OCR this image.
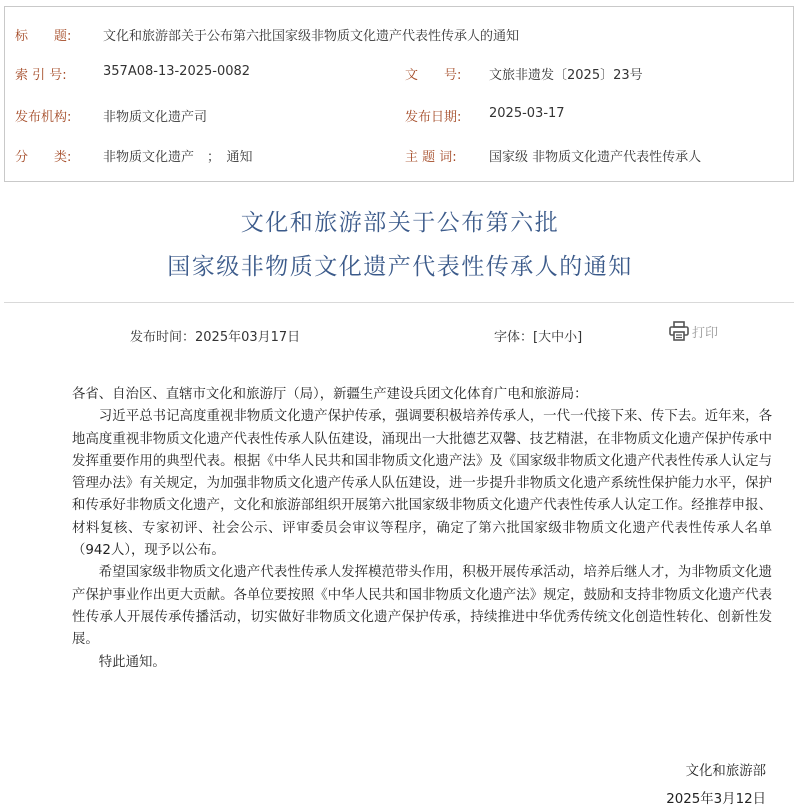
标　　题: 文化和旅游部关于公布第六批国家级非物质文化遗产代表性传承人的通知
索 引 号:	357A08-13-2025-0082	文　　号: 文旅非遗发〔2025〕23号
发布机构: 非物质文化遗产司	发布日期: 2025-03-17
分　　类: 非物质文化遗产　；　通知	主 题 词: 国家级 非物质文化遗产代表性传承人
文化和旅游部关于公布第六批
国家级非物质文化遗产代表性传承人的通知
发布时间：2025年03月17日	字体：[大中小]	打印

各省、自治区、直辖市文化和旅游厅（局），新疆生产建设兵团文化体育广电和旅游局：

习近平总书记高度重视非物质文化遗产保护传承，强调要积极培养传承人，一代一代接下来、传下去。近年来，各地高度重视非物质文化遗产代表性传承人队伍建设，涌现出一大批德艺双馨、技艺精湛，在非物质文化遗产保护传承中发挥重要作用的典型代表。根据《中华人民共和国非物质文化遗产法》及《国家级非物质文化遗产代表性传承人认定与管理办法》有关规定，为加强非物质文化遗产传承人队伍建设，进一步提升非物质文化遗产系统性保护能力水平，保护和传承好非物质文化遗产，文化和旅游部组织开展第六批国家级非物质文化遗产代表性传承人认定工作。经推荐申报、材料复核、专家初评、社会公示、评审委员会审议等程序，确定了第六批国家级非物质文化遗产代表性传承人名单（942人），现予以公布。

希望国家级非物质文化遗产代表性传承人发挥模范带头作用，积极开展传承活动，培养后继人才，为非物质文化遗产保护事业作出更大贡献。各单位要按照《中华人民共和国非物质文化遗产法》规定，鼓励和支持非物质文化遗产代表性传承人开展传承传播活动，切实做好非物质文化遗产保护传承，持续推进中华优秀传统文化创造性转化、创新性发展。

特此通知。

文化和旅游部
2025年3月12日
